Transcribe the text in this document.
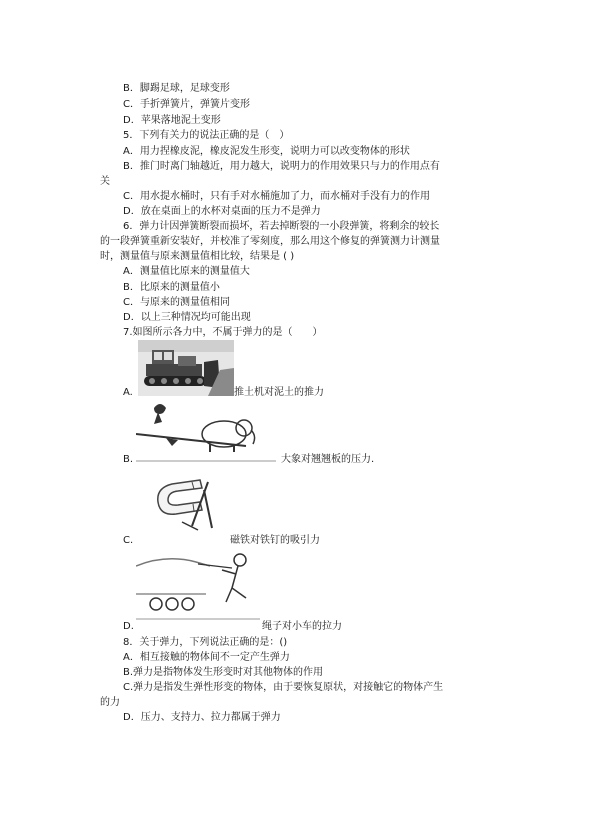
B．脚踢足球，足球变形
C．手折弹簧片，弹簧片变形
D．苹果落地泥土变形
5．下列有关力的说法正确的是（　）
A．用力捏橡皮泥，橡皮泥发生形变，说明力可以改变物体的形状
B．推门时离门轴越近，用力越大，说明力的作用效果只与力的作用点有
关
C．用水提水桶时，只有手对水桶施加了力，而水桶对手没有力的作用
D．放在桌面上的水杯对桌面的压力不是弹力
6．弹力计因弹簧断裂而损坏，若去掉断裂的一小段弹簧，将剩余的较长
的一段弹簧重新安装好，并校准了零刻度，那么用这个修复的弹簧测力计测量
时，测量值与原来测量值相比较，结果是 ( )
A．测量值比原来的测量值大
B．比原来的测量值小
C．与原来的测量值相同
D．以上三种情况均可能出现
7.如图所示各力中，不属于弹力的是（　　）
A.	推土机对泥土的推力
B.	大象对翘翘板的压力.
C.	磁铁对铁钉的吸引力
D.	绳子对小车的拉力
8．关于弹力，下列说法正确的是：()
A．相互接触的物体间不一定产生弹力
B.弹力是指物体发生形变时对其他物体的作用
C.弹力是指发生弹性形变的物体，由于要恢复原状，对接触它的物体产生
的力
D．压力、支持力、拉力都属于弹力
